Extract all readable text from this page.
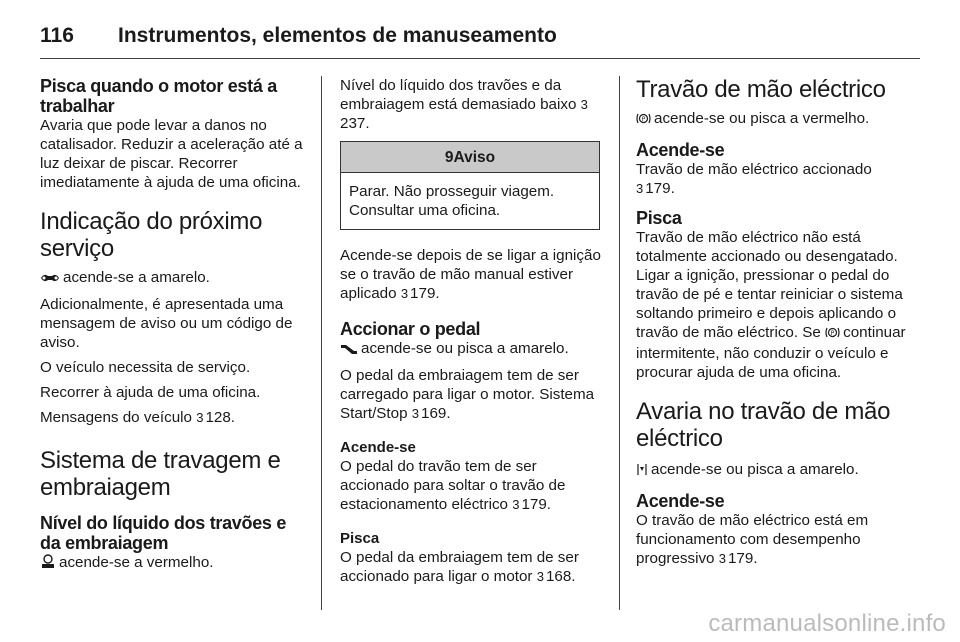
116 Instrumentos, elementos de manuseamento
Pisca quando o motor está a trabalhar

Avaria que pode levar a danos no catalisador. Reduzir a aceleração até a luz deixar de piscar. Recorrer imediatamente à ajuda de uma oficina.

Indicação do próximo serviço

acende-se a amarelo.

Adicionalmente, é apresentada uma mensagem de aviso ou um código de aviso.

O veículo necessita de serviço.

Recorrer à ajuda de uma oficina.

Mensagens do veículo 3 128.

Sistema de travagem e embraiagem
Nível do líquido dos travões e da embraiagem

acende-se a vermelho.

Nível do líquido dos travões e da embraiagem está demasiado baixo 3237.

9Aviso
Parar. Não prosseguir viagem. Consultar uma oficina.

Acende-se depois de se ligar a ignição se o travão de mão manual estiver aplicado 3 179.

Accionar o pedal

acende-se ou pisca a amarelo.

O pedal da embraiagem tem de ser carregado para ligar o motor. Sistema Start/Stop 3 169.

Acende-se

O pedal do travão tem de ser accionado para soltar o travão de estacionamento eléctrico 3 179.

Pisca

O pedal da embraiagem tem de ser accionado para ligar o motor 3 168.

Travão de mão eléctrico

P acende-se ou pisca a vermelho.

Acende-se

Travão de mão eléctrico accionado
3 179.

Pisca

Travão de mão eléctrico não está totalmente accionado ou desengatado. Ligar a ignição, pressionar o pedal do travão de pé e tentar reiniciar o sistema soltando primeiro e depois aplicando o travão de mão eléctrico. Se P continuar intermitente, não conduzir o veículo e procurar ajuda de uma oficina.

Avaria no travão de mão eléctrico

acende-se ou pisca a amarelo.

Acende-se

O travão de mão eléctrico está em funcionamento com desempenho progressivo 3 179.

carmanualsonline.info
